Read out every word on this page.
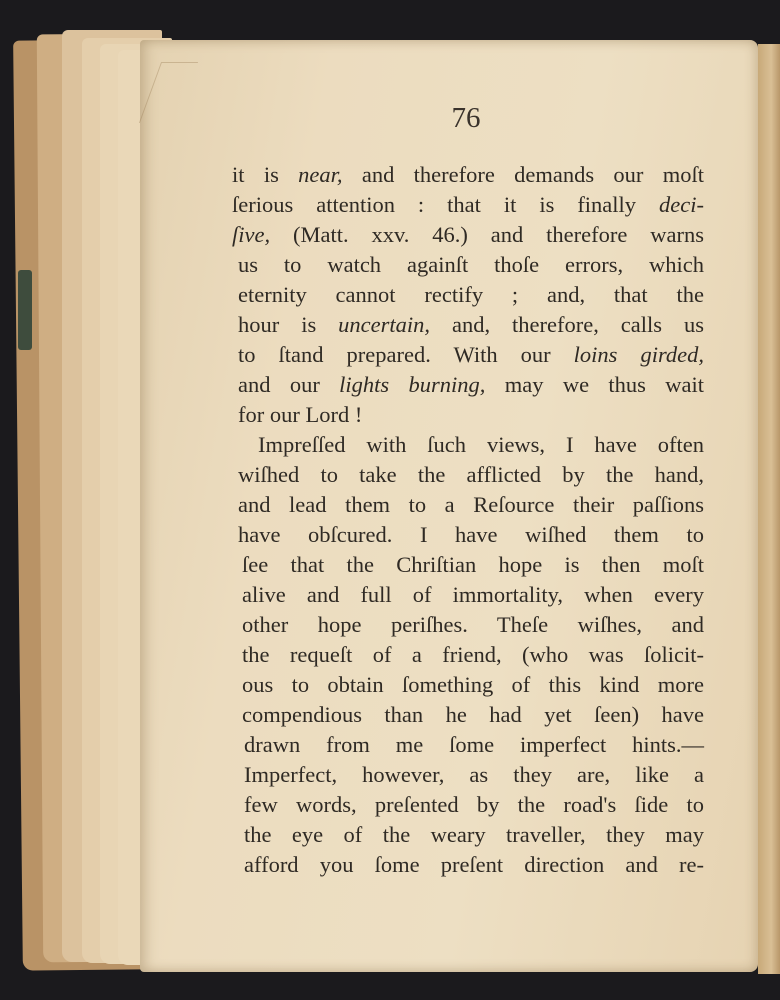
76
it is near, and therefore demands our moſt
ſerious attention : that it is finally deci-
ſive, (Matt. xxv. 46.) and therefore warns
us to watch againſt thoſe errors, which
eternity cannot rectify ; and, that the
hour is uncertain, and, therefore, calls us
to ſtand prepared. With our loins girded,
and our lights burning, may we thus wait
for our Lord !
Impreſſed with ſuch views, I have often
wiſhed to take the afflicted by the hand,
and lead them to a Reſource their paſſions
have obſcured. I have wiſhed them to
ſee that the Chriſtian hope is then moſt
alive and full of immortality, when every
other hope periſhes. Theſe wiſhes, and
the requeſt of a friend, (who was ſolicit-
ous to obtain ſomething of this kind more
compendious than he had yet ſeen) have
drawn from me ſome imperfect hints.—
Imperfect, however, as they are, like a
few words, preſented by the road's ſide to
the eye of the weary traveller, they may
afford you ſome preſent direction and re-
